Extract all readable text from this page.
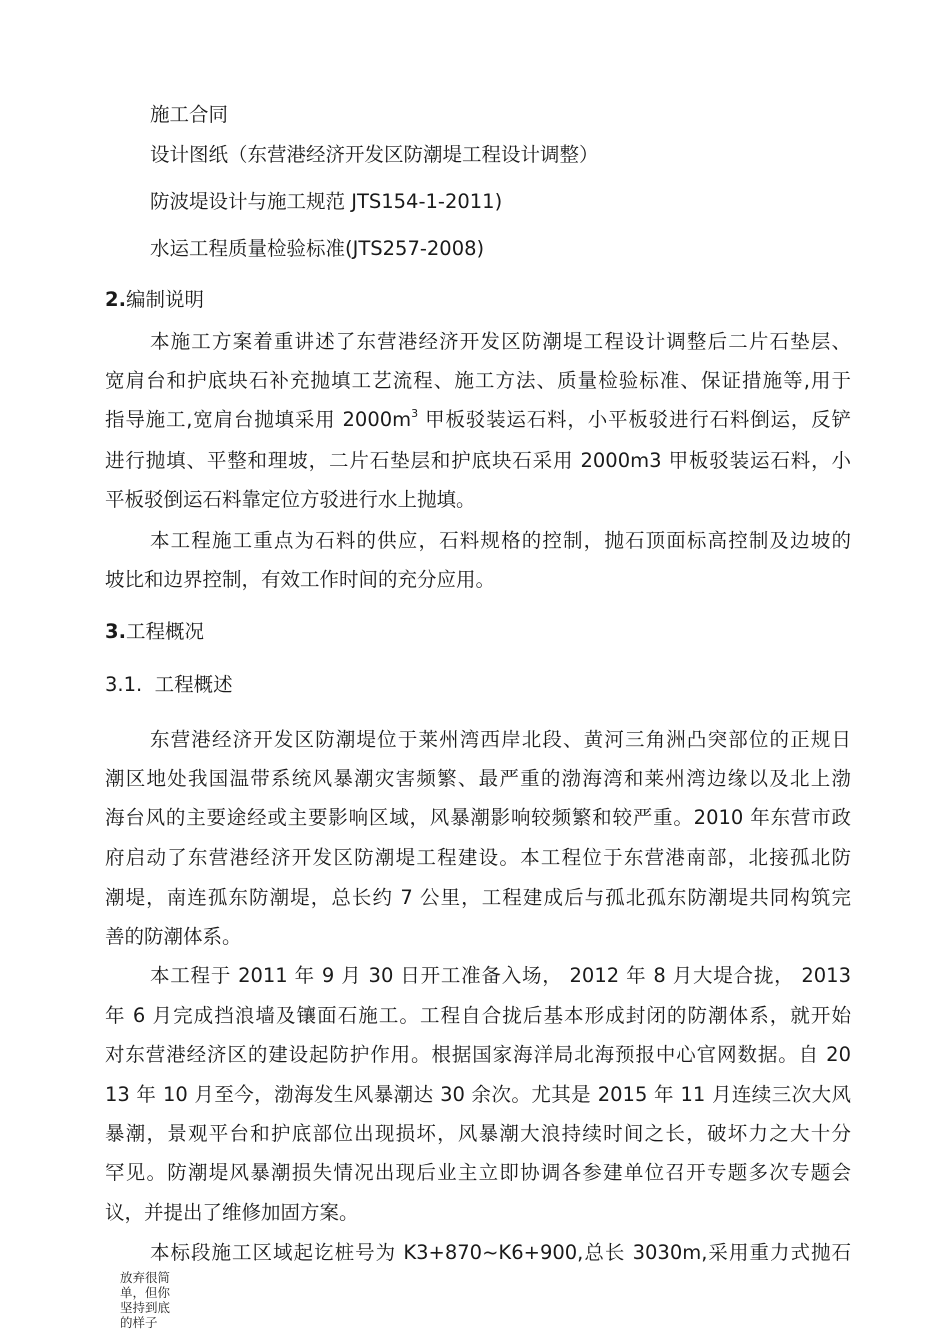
施工合同
设计图纸（东营港经济开发区防潮堤工程设计调整）
防波堤设计与施工规范 JTS154-1-2011)
水运工程质量检验标准(JTS257-2008)
2.编制说明
本施工方案着重讲述了东营港经济开发区防潮堤工程设计调整后二片石垫层、
宽肩台和护底块石补充抛填工艺流程、施工方法、质量检验标准、保证措施等,用于
指导施工,宽肩台抛填采用 $2000m^3$ 甲板驳装运石料，小平板驳进行石料倒运，反铲
进行抛填、平整和理坡，二片石垫层和护底块石采用 2000m3 甲板驳装运石料，小
平板驳倒运石料靠定位方驳进行水上抛填。
本工程施工重点为石料的供应，石料规格的控制，抛石顶面标高控制及边坡的
坡比和边界控制，有效工作时间的充分应用。
3.工程概况
3.1. 工程概述
东营港经济开发区防潮堤位于莱州湾西岸北段、黄河三角洲凸突部位的正规日
潮区地处我国温带系统风暴潮灾害频繁、最严重的渤海湾和莱州湾边缘以及北上渤
海台风的主要途经或主要影响区域，风暴潮影响较频繁和较严重。2010 年东营市政
府启动了东营港经济开发区防潮堤工程建设。本工程位于东营港南部，北接孤北防
潮堤，南连孤东防潮堤，总长约 7 公里，工程建成后与孤北孤东防潮堤共同构筑完
善的防潮体系。
本工程于 2011 年 9 月 30 日开工准备入场， 2012 年 8 月大堤合拢， 2013
年 6 月完成挡浪墙及镶面石施工。工程自合拢后基本形成封闭的防潮体系，就开始
对东营港经济区的建设起防护作用。根据国家海洋局北海预报中心官网数据。自 20
13 年 10 月至今，渤海发生风暴潮达 30 余次。尤其是 2015 年 11 月连续三次大风
暴潮，景观平台和护底部位出现损坏，风暴潮大浪持续时间之长，破坏力之大十分
罕见。防潮堤风暴潮损失情况出现后业主立即协调各参建单位召开专题多次专题会
议，并提出了维修加固方案。
本标段施工区域起讫桩号为 K3+870~K6+900,总长 3030m,采用重力式抛石
放弃很简单，但你坚持到底的样子
